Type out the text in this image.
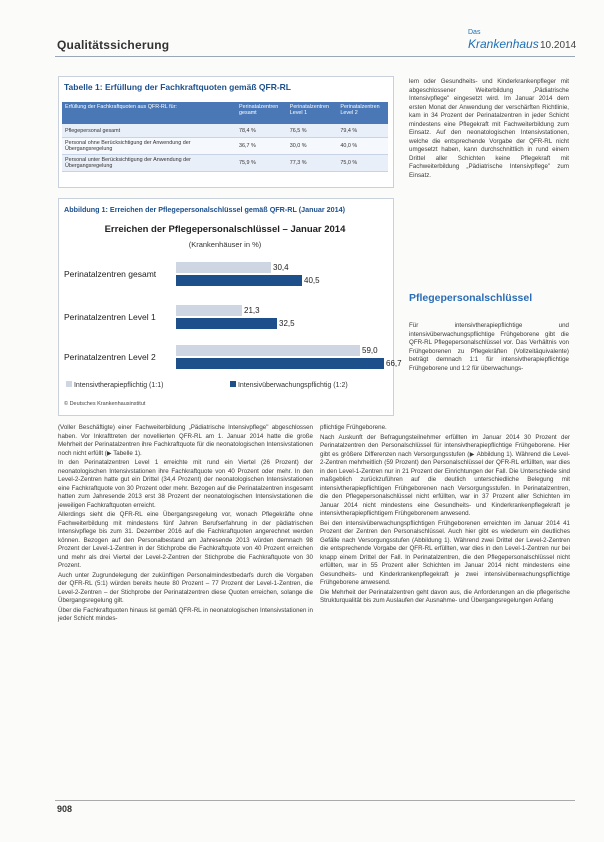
Qualitätssicherung
Das
Krankenhaus 10.2014
Tabelle 1: Erfüllung der Fachkraftquoten gemäß QFR-RL
Erfüllung der Fachkraftquoten aus QFR-RL für:	Perinatalzentren gesamt	Perinatalzentren Level 1	Perinatalzentren Level 2
Pflegepersonal gesamt	78,4 %	76,5 %	79,4 %
Personal ohne Berücksichtigung der Anwendung der Übergangsregelung	36,7 %	30,0 %	40,0 %
Personal unter Berücksichtigung der Anwendung der Übergangsregelung	75,9 %	77,3 %	75,0 %
Abbildung 1: Erreichen der Pflegepersonalschlüssel gemäß QFR-RL (Januar 2014)
Erreichen der Pflegepersonalschlüssel – Januar 2014
(Krankenhäuser in %)
Perinatalzentren gesamt
30,4
40,5
Perinatalzentren Level 1
21,3
32,5
Perinatalzentren Level 2
59,0
66,7
Intensivtherapiepflichtig (1:1)	Intensivüberwachungspflichtig (1:2)
© Deutsches Krankenhausinstitut

lem oder Gesundheits- und Kinderkrankenpfleger mit abgeschlossener Weiterbildung „Pädiatrische Intensivpflege" eingesetzt wird. Im Januar 2014 dem ersten Monat der Anwendung der verschärften Richtlinie, kam in 34 Prozent der Perinatalzentren in jeder Schicht mindestens eine Pflegekraft mit Fachweiterbildung zum Einsatz. Auf den neonatologischen Intensivstationen, welche die entsprechende Vorgabe der QFR-RL nicht umgesetzt haben, kann durchschnittlich in rund einem Drittel aller Schichten keine Pflegekraft mit Fachweiterbildung „Pädiatrische Intensivpflege" zum Einsatz.

Pflegepersonalschlüssel

Für intensivtherapiepflichtige und intensivüberwachungspflichtige Frühgeborene gibt die QFR-RL Pflegepersonalschlüssel vor. Das Verhältnis von Frühgeborenen zu Pflegekräften (Vollzeitäquivalente) beträgt demnach 1:1 für intensivtherapiepflichtige Frühgeborene und 1:2 für überwachungs-

(Voller Beschäftigte) einer Fachweiterbildung „Pädiatrische Intensivpflege" abgeschlossen haben. Vor Inkrafttreten der novellierten QFR-RL am 1. Januar 2014 hatte die große Mehrheit der Perinatalzentren ihre Fachkraftquote für die neonatologischen Intensivstationen noch nicht erfüllt (▶ Tabelle 1).

In den Perinatalzentren Level 1 erreichte mit rund ein Viertel (26 Prozent) der neonatologischen Intensivstationen ihre Fachkraftquote von 40 Prozent oder mehr. In den Level-2-Zentren hatte gut ein Drittel (34,4 Prozent) der neonatologischen Intensivstationen eine Fachkraftquote von 30 Prozent oder mehr. Bezogen auf die Perinatalzentren insgesamt hatten zum Jahresende 2013 erst 38 Prozent der neonatologischen Intensivstationen die jeweiligen Fachkraftquoten erreicht.

Allerdings sieht die QFR-RL eine Übergangsregelung vor, wonach Pflegekräfte ohne Fachweiterbildung mit mindestens fünf Jahren Berufserfahrung in der pädiatrischen Intensivpflege bis zum 31. Dezember 2016 auf die Fachkraftquoten angerechnet werden können. Bezogen auf den Personalbestand am Jahresende 2013 würden demnach 98 Prozent der Level-1-Zentren in der Stichprobe die Fachkraftquote von 40 Prozent erreichen und mehr als drei Viertel der Level-2-Zentren der Stichprobe die Fachkraftquote von 30 Prozent.

Auch unter Zugrundelegung der zukünftigen Personalmindestbedarfs durch die Vorgaben der QFR-RL (5:1) würden bereits heute 80 Prozent – 77 Prozent der Level-1-Zentren, die Level-2-Zentren – der Stichprobe der Perinatalzentren diese Quoten erreichen, solange die Übergangsregelung gilt.

Über die Fachkraftquoten hinaus ist gemäß QFR-RL in neonatologischen Intensivstationen in jeder Schicht mindes-

pflichtige Frühgeborene.

Nach Auskunft der Befragungsteilnehmer erfüllten im Januar 2014 30 Prozent der Perinatalzentren den Personalschlüssel für intensivtherapiepflichtige Frühgeborene. Hier gibt es größere Differenzen nach Versorgungsstufen (▶ Abbildung 1). Während die Level-2-Zentren mehrheitlich (59 Prozent) den Personalschlüssel der QFR-RL erfüllten, war dies in den Level-1-Zentren nur in 21 Prozent der Einrichtungen der Fall. Die Unterschiede sind maßgeblich zurückzuführen auf die deutlich unterschiedliche Belegung mit intensivtherapiepflichtigen Frühgeborenen nach Versorgungsstufen. In Perinatalzentren, die den Pflegepersonalschlüssel nicht erfüllten, war in 37 Prozent aller Schichten im Januar 2014 nicht mindestens eine Gesundheits- und Kinderkrankenpflegekraft je intensivtherapiepflichtigem Frühgeborenem anwesend.

Bei den intensivüberwachungspflichtigen Frühgeborenen erreichten im Januar 2014 41 Prozent der Zentren den Personalschlüssel. Auch hier gibt es wiederum ein deutliches Gefälle nach Versorgungsstufen (Abbildung 1). Während zwei Drittel der Level-2-Zentren die entsprechende Vorgabe der QFR-RL erfüllten, war dies in den Level-1-Zentren nur bei knapp einem Drittel der Fall. In Perinatalzentren, die den Pflegepersonalschlüssel nicht erfüllten, war in 55 Prozent aller Schichten im Januar 2014 nicht mindestens eine Gesundheits- und Kinderkrankenpflegekraft je zwei intensivüberwachungspflichtige Frühgeborene anwesend.

Die Mehrheit der Perinatalzentren geht davon aus, die Anforderungen an die pflegerische Strukturqualität bis zum Auslaufen der Ausnahme- und Übergangsregelungen Anfang

908
